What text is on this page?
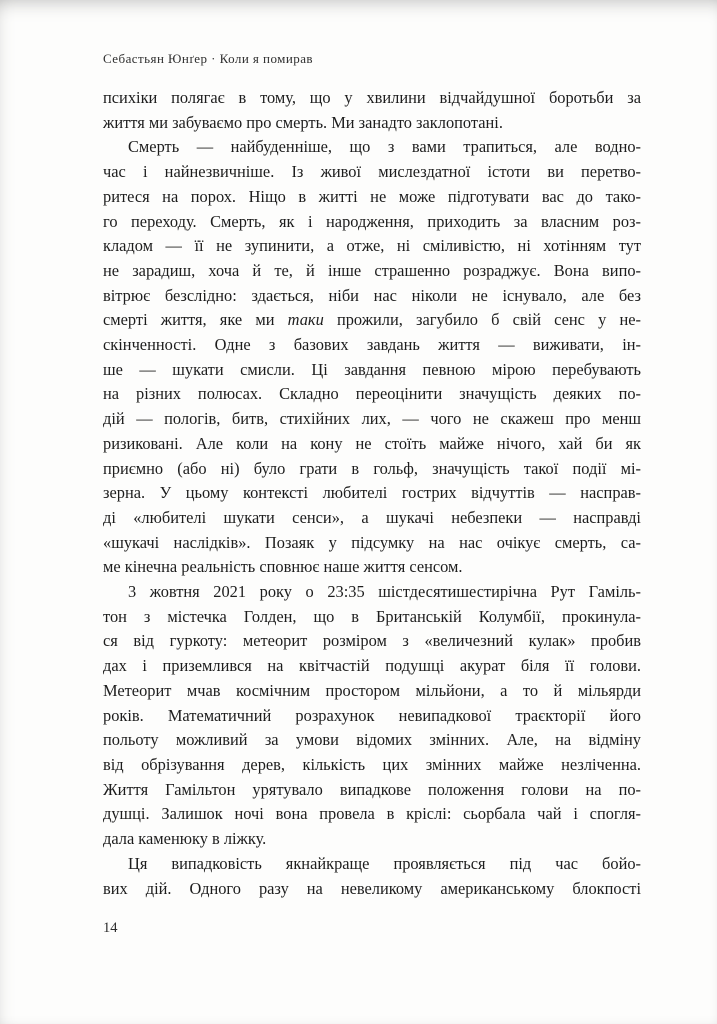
Себастьян Юнґер · Коли я помирав
психіки полягає в тому, що у хвилини відчайдушної боротьби за
життя ми забуваємо про смерть. Ми занадто заклопотані.
Смерть — найбуденніше, що з вами трапиться, але водно-
час і найнезвичніше. Із живої мислездатної істоти ви перетво-
ритеся на порох. Ніщо в житті не може підготувати вас до тако-
го переходу. Смерть, як і народження, приходить за власним роз-
кладом — її не зупинити, а отже, ні сміливістю, ні хотінням тут
не зарадиш, хоча й те, й інше страшенно розраджує. Вона випо-
вітрює безслідно: здається, ніби нас ніколи не існувало, але без
смерті життя, яке ми таки прожили, загубило б свій сенс у не-
скінченності. Одне з базових завдань життя — виживати, ін-
ше — шукати смисли. Ці завдання певною мірою перебувають
на різних полюсах. Складно переоцінити значущість деяких по-
дій — пологів, битв, стихійних лих, — чого не скажеш про менш
ризиковані. Але коли на кону не стоїть майже нічого, хай би як
приємно (або ні) було грати в гольф, значущість такої події мі-
зерна. У цьому контексті любителі гострих відчуттів — насправ-
ді «любителі шукати сенси», а шукачі небезпеки — насправді
«шукачі наслідків». Позаяк у підсумку на нас очікує смерть, са-
ме кінечна реальність сповнює наше життя сенсом.
3 жовтня 2021 року о 23:35 шістдесятишестирічна Рут Гаміль-
тон з містечка Голден, що в Британській Колумбії, прокинула-
ся від гуркоту: метеорит розміром з «величезний кулак» пробив
дах і приземлився на квітчастій подушці акурат біля її голови.
Метеорит мчав космічним простором мільйони, а то й мільярди
років. Математичний розрахунок невипадкової траєкторії його
польоту можливий за умови відомих змінних. Але, на відміну
від обрізування дерев, кількість цих змінних майже незліченна.
Життя Гамільтон урятувало випадкове положення голови на по-
душці. Залишок ночі вона провела в кріслі: сьорбала чай і спогля-
дала каменюку в ліжку.
Ця випадковість якнайкраще проявляється під час бойо-
вих дій. Одного разу на невеликому американському блокпості
14
